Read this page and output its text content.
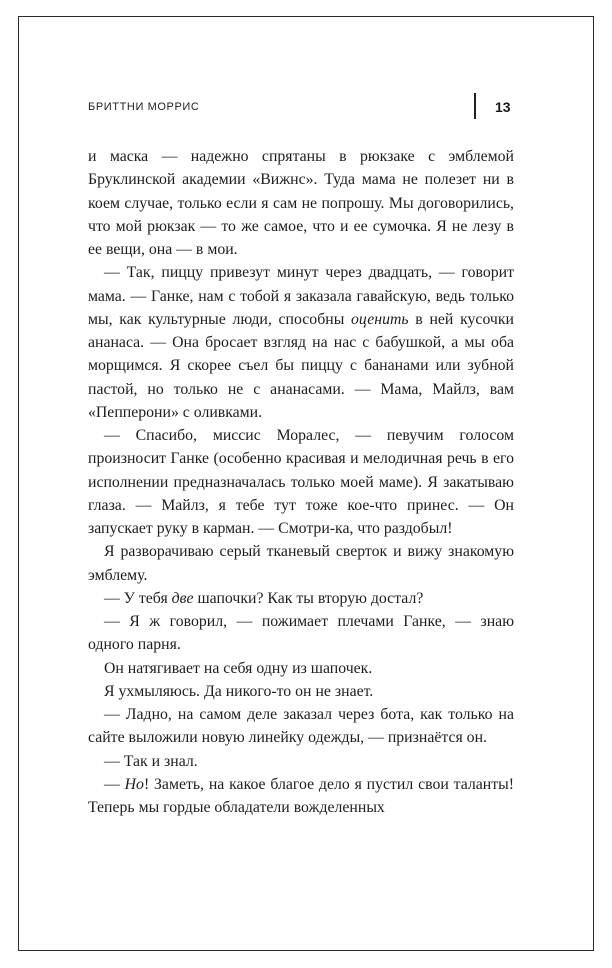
БРИТТНИ МОРРИС	13

и маска — надежно спрятаны в рюкзаке с эмблемой Бруклинской академии «Вижнс». Туда мама не полезет ни в коем случае, только если я сам не попрошу. Мы договорились, что мой рюкзак — то же самое, что и ее сумочка. Я не лезу в ее вещи, она — в мои.

— Так, пиццу привезут минут через двадцать, — говорит мама. — Ганке, нам с тобой я заказала гавайскую, ведь только мы, как культурные люди, способны оценить в ней кусочки ананаса. — Она бросает взгляд на нас с бабушкой, а мы оба морщимся. Я скорее съел бы пиццу с бананами или зубной пастой, но только не с ананасами. — Мама, Майлз, вам «Пепперони» с оливками.

— Спасибо, миссис Моралес, — певучим голосом произносит Ганке (особенно красивая и мелодичная речь в его исполнении предназначалась только моей маме). Я закатываю глаза. — Майлз, я тебе тут тоже кое-что принес. — Он запускает руку в карман. — Смотри-ка, что раздобыл!

Я разворачиваю серый тканевый сверток и вижу знакомую эмблему.

— У тебя две шапочки? Как ты вторую достал?

— Я ж говорил, — пожимает плечами Ганке, — знаю одного парня.

Он натягивает на себя одну из шапочек.

Я ухмыляюсь. Да никого-то он не знает.

— Ладно, на самом деле заказал через бота, как только на сайте выложили новую линейку одежды, — признаётся он.

— Так и знал.

— Но! Заметь, на какое благое дело я пустил свои таланты! Теперь мы гордые обладатели вожделенных
